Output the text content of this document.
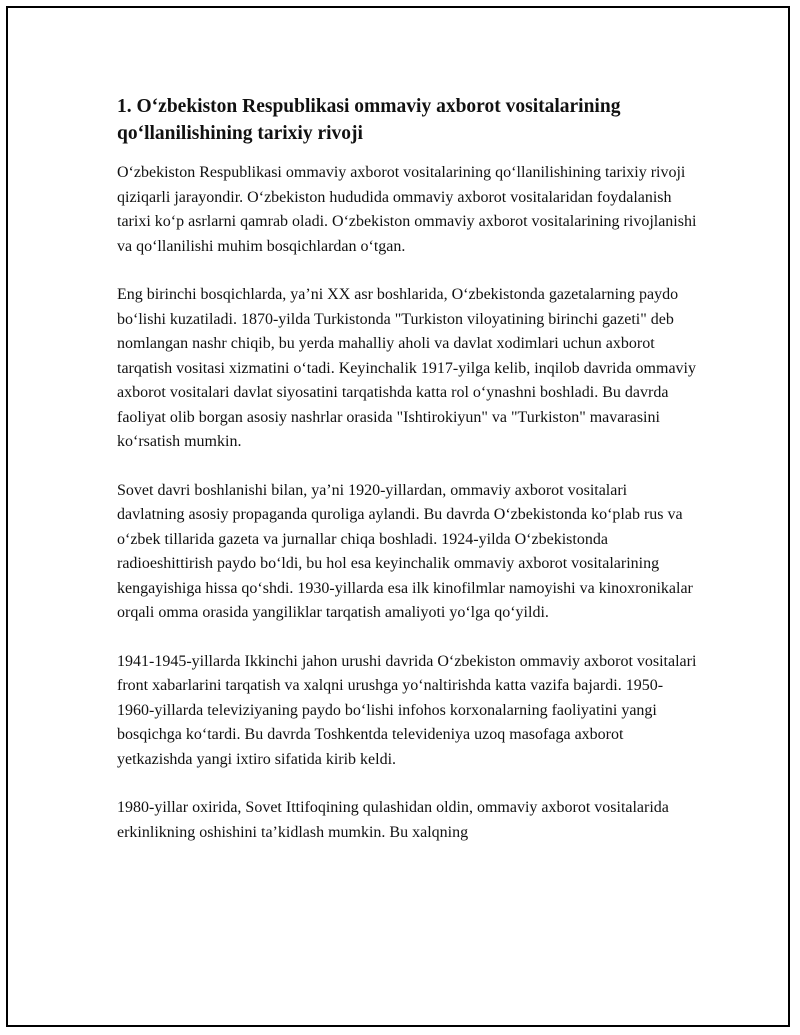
1. O‘zbekiston Respublikasi ommaviy axborot vositalarining qo‘llanilishining tarixiy rivoji

O‘zbekiston Respublikasi ommaviy axborot vositalarining qo‘llanilishining tarixiy rivoji qiziqarli jarayondir. O‘zbekiston hududida ommaviy axborot vositalaridan foydalanish tarixi ko‘p asrlarni qamrab oladi. O‘zbekiston ommaviy axborot vositalarining rivojlanishi va qo‘llanilishi muhim bosqichlardan o‘tgan.

Eng birinchi bosqichlarda, ya’ni XX asr boshlarida, O‘zbekistonda gazetalarning paydo bo‘lishi kuzatiladi. 1870-yilda Turkistonda "Turkiston viloyatining birinchi gazeti" deb nomlangan nashr chiqib, bu yerda mahalliy aholi va davlat xodimlari uchun axborot tarqatish vositasi xizmatini o‘tadi. Keyinchalik 1917-yilga kelib, inqilob davrida ommaviy axborot vositalari davlat siyosatini tarqatishda katta rol o‘ynashni boshladi. Bu davrda faoliyat olib borgan asosiy nashrlar orasida "Ishtirokiyun" va "Turkiston" mavarasini ko‘rsatish mumkin.

Sovet davri boshlanishi bilan, ya’ni 1920-yillardan, ommaviy axborot vositalari davlatning asosiy propaganda quroliga aylandi. Bu davrda O‘zbekistonda ko‘plab rus va o‘zbek tillarida gazeta va jurnallar chiqa boshladi. 1924-yilda O‘zbekistonda radioeshittirish paydo bo‘ldi, bu hol esa keyinchalik ommaviy axborot vositalarining kengayishiga hissa qo‘shdi. 1930-yillarda esa ilk kinofilmlar namoyishi va kinoxronikalar orqali omma orasida yangiliklar tarqatish amaliyoti yo‘lga qo‘yildi.

1941-1945-yillarda Ikkinchi jahon urushi davrida O‘zbekiston ommaviy axborot vositalari front xabarlarini tarqatish va xalqni urushga yo‘naltirishda katta vazifa bajardi. 1950-1960-yillarda televiziyaning paydo bo‘lishi infohos korxonalarning faoliyatini yangi bosqichga ko‘tardi. Bu davrda Toshkentda televideniya uzoq masofaga axborot yetkazishda yangi ixtiro sifatida kirib keldi.

1980-yillar oxirida, Sovet Ittifoqining qulashidan oldin, ommaviy axborot vositalarida erkinlikning oshishini ta’kidlash mumkin. Bu xalqning
